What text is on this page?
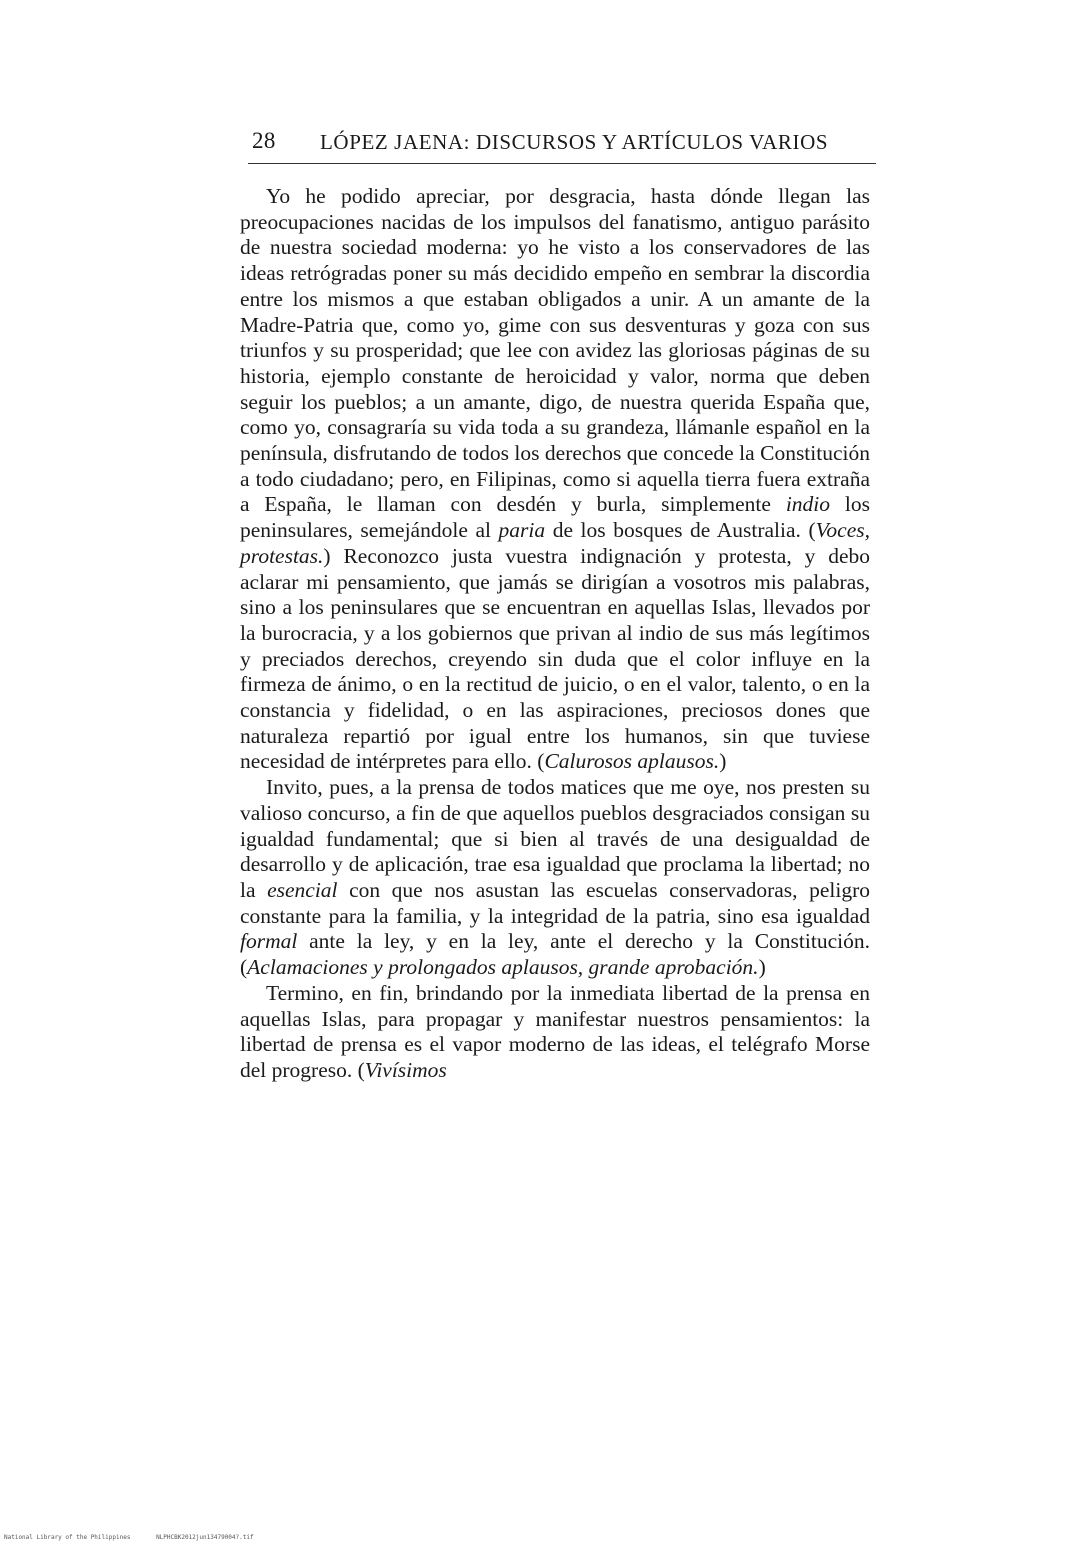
28 LÓPEZ JAENA: DISCURSOS Y ARTÍCULOS VARIOS

Yo he podido apreciar, por desgracia, hasta dónde llegan las preocupaciones nacidas de los impulsos del fanatismo, antiguo parásito de nuestra sociedad moderna: yo he visto a los conservadores de las ideas retrógradas poner su más decidido empeño en sembrar la discordia entre los mismos a que estaban obligados a unir. A un amante de la Madre-Patria que, como yo, gime con sus desventuras y goza con sus triunfos y su prosperidad; que lee con avidez las gloriosas páginas de su historia, ejemplo constante de heroicidad y valor, norma que deben seguir los pueblos; a un amante, digo, de nuestra querida España que, como yo, consagraría su vida toda a su grandeza, llámanle español en la península, disfrutando de todos los derechos que concede la Constitución a todo ciudadano; pero, en Filipinas, como si aquella tierra fuera extraña a España, le llaman con desdén y burla, simplemente indio los peninsulares, semejándole al paria de los bosques de Australia. (Voces, protestas.) Reconozco justa vuestra indignación y protesta, y debo aclarar mi pensamiento, que jamás se dirigían a vosotros mis palabras, sino a los peninsulares que se encuentran en aquellas Islas, llevados por la burocracia, y a los gobiernos que privan al indio de sus más legítimos y preciados derechos, creyendo sin duda que el color influye en la firmeza de ánimo, o en la rectitud de juicio, o en el valor, talento, o en la constancia y fidelidad, o en las aspiraciones, preciosos dones que naturaleza repartió por igual entre los humanos, sin que tuviese necesidad de intérpretes para ello. (Calurosos aplausos.)

Invito, pues, a la prensa de todos matices que me oye, nos presten su valioso concurso, a fin de que aquellos pueblos desgraciados consigan su igualdad fundamental; que si bien al través de una desigualdad de desarrollo y de aplicación, trae esa igualdad que proclama la libertad; no la esencial con que nos asustan las escuelas conservadoras, peligro constante para la familia, y la integridad de la patria, sino esa igualdad formal ante la ley, y en la ley, ante el derecho y la Constitución. (Aclamaciones y prolongados aplausos, grande aprobación.)

Termino, en fin, brindando por la inmediata libertad de la prensa en aquellas Islas, para propagar y manifestar nuestros pensamientos: la libertad de prensa es el vapor moderno de las ideas, el telégrafo Morse del progreso. (Vivísimos

National Library of the Philippines	NLPHCBK2012jun13479004?.tif
